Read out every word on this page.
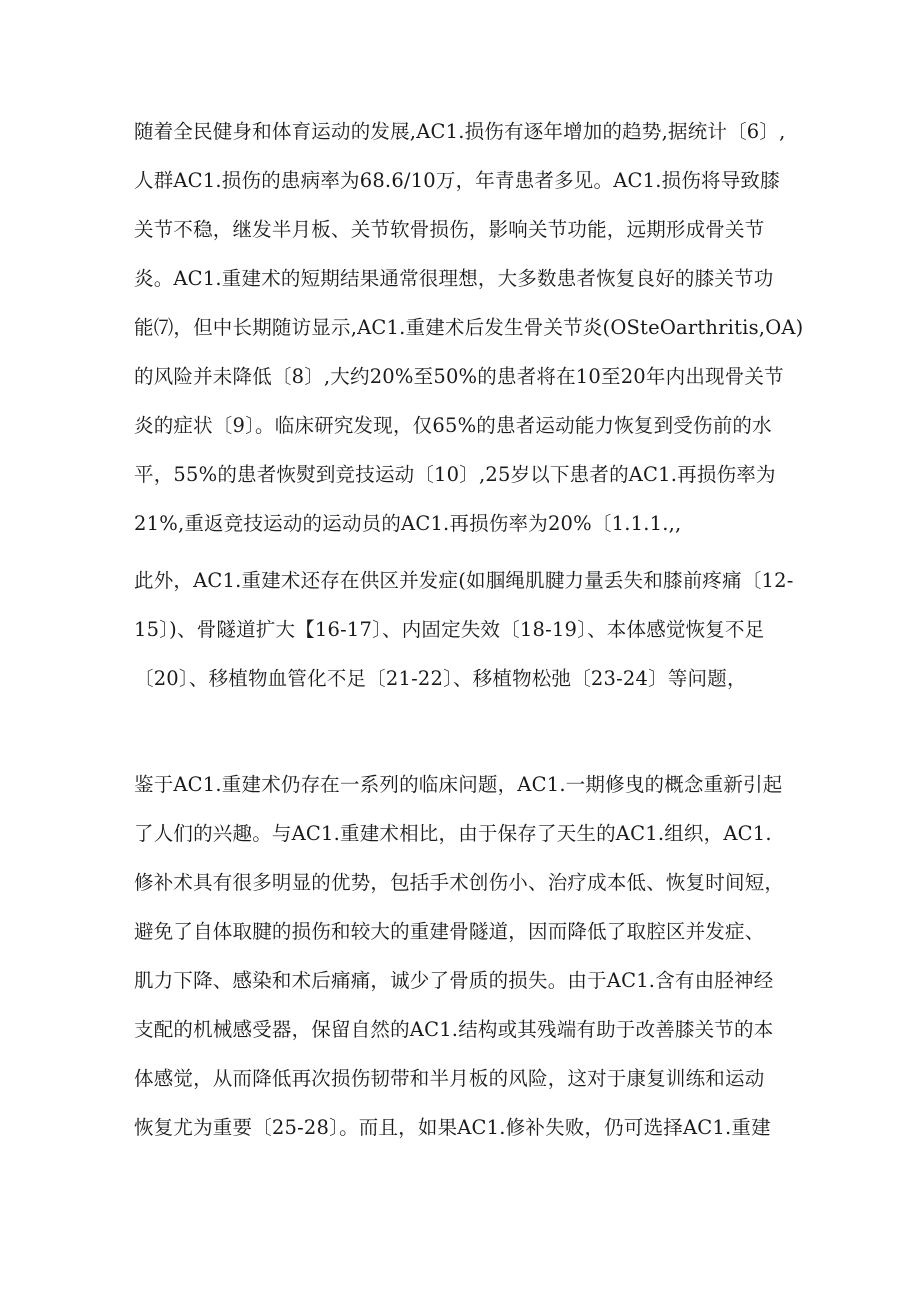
随着全民健身和体育运动的发展,AC1.损伤有逐年增加的趋势,据统计〔6〕,
人群AC1.损伤的患病率为68.6/10万，年青患者多见。AC1.损伤将导致膝
关节不稳，继发半月板、关节软骨损伤，影响关节功能，远期形成骨关节
炎。AC1.重建术的短期结果通常很理想，大多数患者恢复良好的膝关节功
能⑺，但中长期随访显示,AC1.重建术后发生骨关节炎(OSteOarthritis,OA)
的风险并未降低〔8〕,大约20%至50%的患者将在10至20年内出现骨关节
炎的症状〔9〕。临床研究发现，仅65%的患者运动能力恢复到受伤前的水
平，55%的患者恢熨到竞技运动〔10〕,25岁以下患者的AC1.再损伤率为
21%,重返竞技运动的运动员的AC1.再损伤率为20%〔1.1.1.,,
此外，AC1.重建术还存在供区并发症(如腘绳肌腱力量丢失和膝前疼痛〔12-
15〕)、骨隧道扩大【16-17〕、内固定失效〔18-19〕、本体感觉恢复不足
〔20〕、移植物血管化不足〔21-22〕、移植物松弛〔23-24〕等问题，
鉴于AC1.重建术仍存在一系列的临床问题，AC1.一期修曳的概念重新引起
了人们的兴趣。与AC1.重建术相比，由于保存了天生的AC1.组织，AC1.
修补术具有很多明显的优势，包括手术创伤小、治疗成本低、恢复时间短，
避免了自体取腱的损伤和较大的重建骨隧道，因而降低了取腔区并发症、
肌力下降、感染和术后痛痛，诚少了骨质的损失。由于AC1.含有由胫神经
支配的机械感受器，保留自然的AC1.结构或其残端有助于改善膝关节的本
体感觉，从而降低再次损伤韧带和半月板的风险，这对于康复训练和运动
恢复尤为重要〔25-28〕。而且，如果AC1.修补失败，仍可选择AC1.重建
